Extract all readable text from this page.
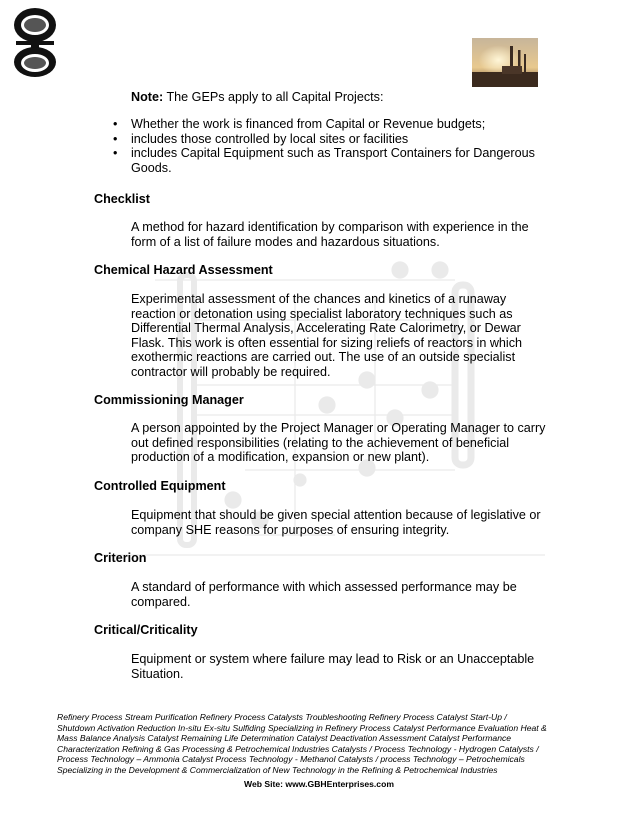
Note: The GEPs apply to all Capital Projects:
• Whether the work is financed from Capital or Revenue budgets;
• includes those controlled by local sites or facilities
• includes Capital Equipment such as Transport Containers for Dangerous Goods.
Checklist
A method for hazard identification by comparison with experience in the form of a list of failure modes and hazardous situations.
Chemical Hazard Assessment
Experimental assessment of the chances and kinetics of a runaway reaction or detonation using specialist laboratory techniques such as Differential Thermal Analysis, Accelerating Rate Calorimetry, or Dewar Flask. This work is often essential for sizing reliefs of reactors in which exothermic reactions are carried out. The use of an outside specialist contractor will probably be required.
Commissioning Manager
A person appointed by the Project Manager or Operating Manager to carry out defined responsibilities (relating to the achievement of beneficial production of a modification, expansion or new plant).
Controlled Equipment
Equipment that should be given special attention because of legislative or company SHE reasons for purposes of ensuring integrity.
Criterion
A standard of performance with which assessed performance may be compared.
Critical/Criticality
Equipment or system where failure may lead to Risk or an Unacceptable Situation.
Refinery Process Stream Purification Refinery Process Catalysts Troubleshooting Refinery Process Catalyst Start-Up / Shutdown Activation Reduction In-situ Ex-situ Sulfiding Specializing in Refinery Process Catalyst Performance Evaluation Heat & Mass Balance Analysis Catalyst Remaining Life Determination Catalyst Deactivation Assessment Catalyst Performance Characterization Refining & Gas Processing & Petrochemical Industries Catalysts / Process Technology - Hydrogen Catalysts / Process Technology – Ammonia Catalyst Process Technology - Methanol Catalysts / process Technology – Petrochemicals Specializing in the Development & Commercialization of New Technology in the Refining & Petrochemical Industries
Web Site: www.GBHEnterprises.com
